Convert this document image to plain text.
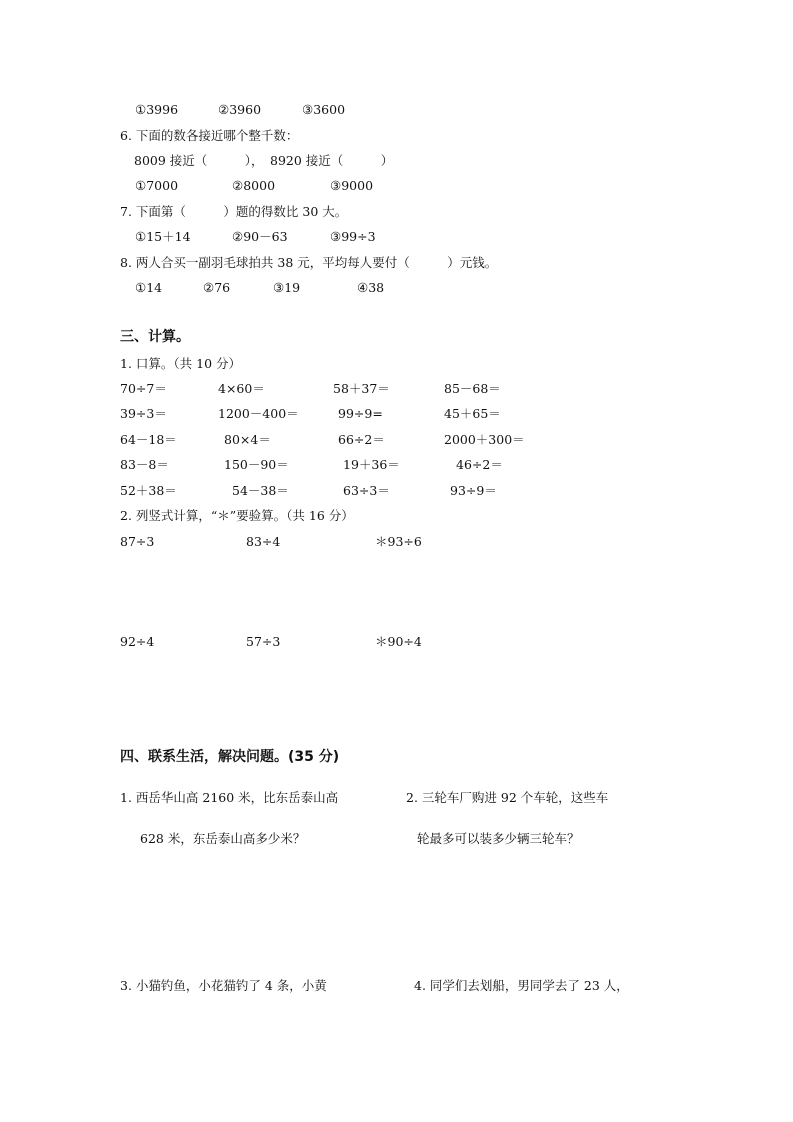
①3996	②3960	③3600
6. 下面的数各接近哪个整千数：
8009 接近（　　　）， 8920 接近（　　　）
①7000	②8000	③9000
7. 下面第（　　　）题的得数比 30 大。
①15＋14	②90－63	③99÷3
8. 两人合买一副羽毛球拍共 38 元，平均每人要付（　　　）元钱。
①14	②76	③19	④38
三、计算。
1. 口算。（共 10 分）
70÷7＝	4×60＝	58＋37＝	85－68＝
39÷3＝	1200－400＝	99÷9=	45＋65＝
64－18＝	80×4＝	66÷2＝	2000＋300＝
83－8＝	150－90＝	19＋36＝	46÷2＝
52＋38＝	54－38＝	63÷3＝	93÷9＝
2. 列竖式计算，“＊”要验算。（共 16 分）
87÷3	83÷4	＊93÷6
92÷4	57÷3	＊90÷4
四、联系生活，解决问题。(35 分)
1. 西岳华山高 2160 米，比东岳泰山高
628 米，东岳泰山高多少米？
2. 三轮车厂购进 92 个车轮，这些车
轮最多可以装多少辆三轮车？
3. 小猫钓鱼，小花猫钓了 4 条，小黄	4. 同学们去划船，男同学去了 23 人，
